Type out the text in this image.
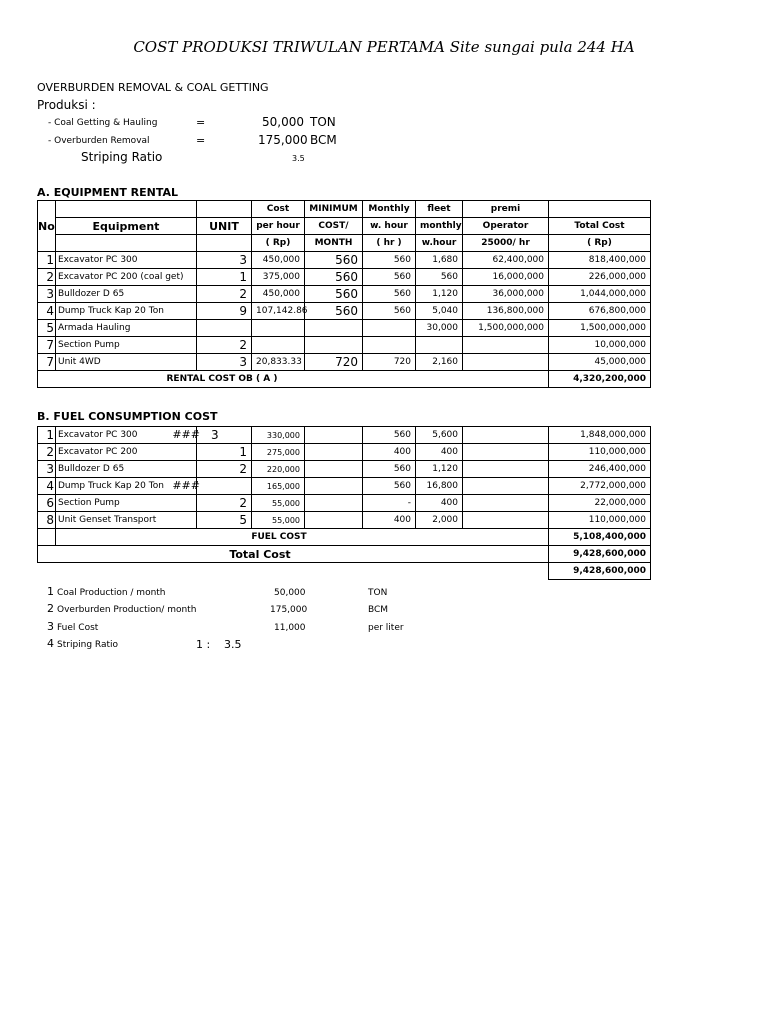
COST PRODUKSI TRIWULAN PERTAMA Site sungai pula 244 HA
OVERBURDEN REMOVAL & COAL GETTING
Produksi :
- Coal Getting & Hauling	=	50,000 TON
- Overburden Removal	=	175,000 BCM
Striping Ratio	3.5
A. EQUIPMENT RENTAL
			Cost	MINIMUM	Monthly	fleet	premi	
No	Equipment	UNIT	per hour	COST/	w. hour	monthly	Operator	Total Cost
			( Rp)	MONTH	( hr )	w.hour	25000/ hr	( Rp)
1	Excavator PC 300	3	450,000	560	560	1,680	62,400,000	818,400,000
2	Excavator PC 200 (coal get)	1	375,000	560	560	560	16,000,000	226,000,000
3	Bulldozer D 65	2	450,000	560	560	1,120	36,000,000	1,044,000,000
4	Dump Truck Kap 20 Ton	9	107,142.86	560	560	5,040	136,800,000	676,800,000
5	Armada Hauling					30,000	1,500,000,000	1,500,000,000
7	Section Pump	2						10,000,000
7	Unit 4WD	3	20,833.33	720	720	2,160		45,000,000
RENTAL COST OB ( A )								4,320,200,000
B. FUEL CONSUMPTION COST
1	Excavator PC 300 ###	3	330,000		560	5,600		1,848,000,000
2	Excavator PC 200	1	275,000		400	400		110,000,000
3	Bulldozer D 65	2	220,000		560	1,120		246,400,000
4	Dump Truck Kap 20 Ton ###		165,000		560	16,800		2,772,000,000
6	Section Pump	2	55,000		-	400		22,000,000
8	Unit Genset Transport	5	55,000		400	2,000		110,000,000
	FUEL COST							5,108,400,000
Total Cost								9,428,600,000
								9,428,600,000
1 Coal Production / month	50,000	TON
2 Overburden Production/ month	175,000	BCM
3 Fuel Cost	11,000	per liter
4 Striping Ratio	1 : 3.5
